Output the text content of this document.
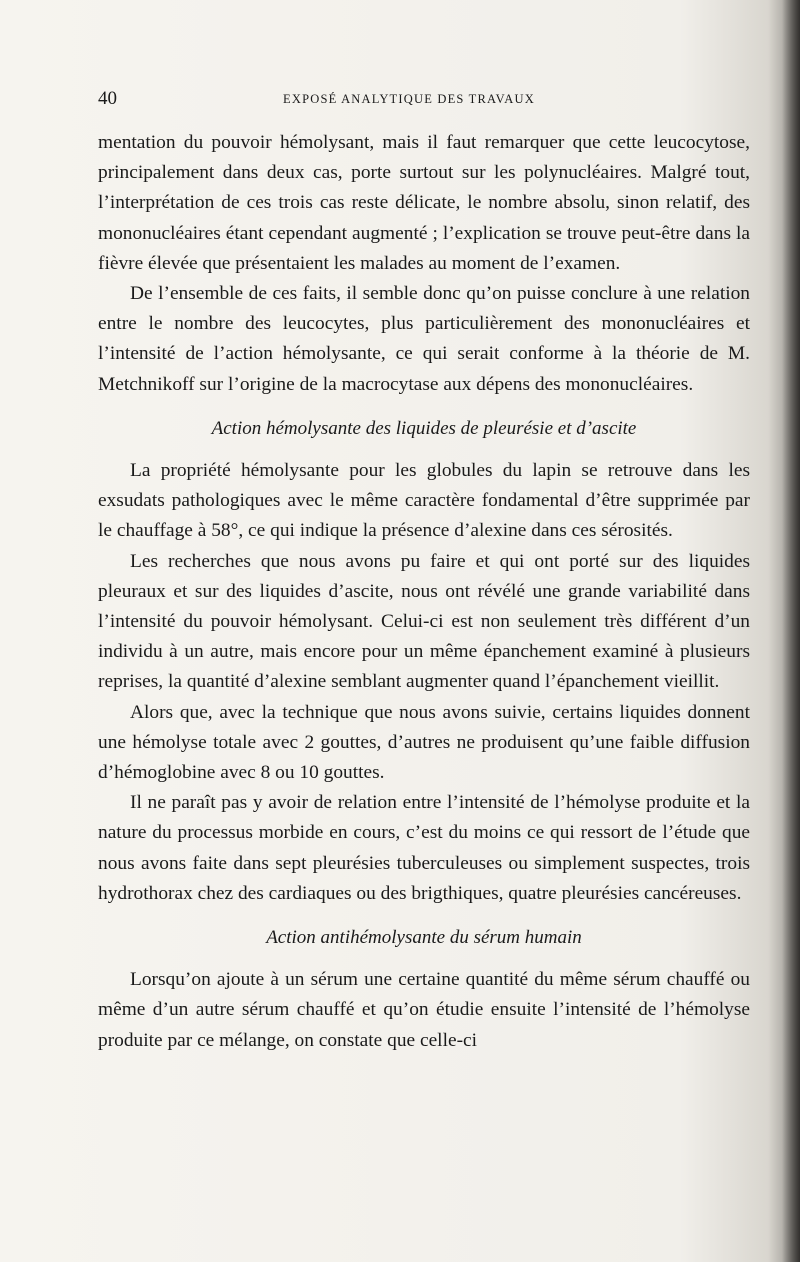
40	EXPOSÉ ANALYTIQUE DES TRAVAUX

mentation du pouvoir hémolysant, mais il faut remarquer que cette leucocytose, principalement dans deux cas, porte surtout sur les polynucléaires. Malgré tout, l’interprétation de ces trois cas reste délicate, le nombre absolu, sinon relatif, des mononucléaires étant cependant augmenté ; l’explication se trouve peut-être dans la fièvre élevée que présentaient les malades au moment de l’examen.

De l’ensemble de ces faits, il semble donc qu’on puisse conclure à une relation entre le nombre des leucocytes, plus particulièrement des mononucléaires et l’intensité de l’action hémolysante, ce qui serait conforme à la théorie de M. Metchnikoff sur l’origine de la macrocytase aux dépens des mononucléaires.

Action hémolysante des liquides de pleurésie et d’ascite

La propriété hémolysante pour les globules du lapin se retrouve dans les exsudats pathologiques avec le même caractère fondamental d’être supprimée par le chauffage à 58°, ce qui indique la présence d’alexine dans ces sérosités.

Les recherches que nous avons pu faire et qui ont porté sur des liquides pleuraux et sur des liquides d’ascite, nous ont révélé une grande variabilité dans l’intensité du pouvoir hémolysant. Celui-ci est non seulement très différent d’un individu à un autre, mais encore pour un même épanchement examiné à plusieurs reprises, la quantité d’alexine semblant augmenter quand l’épanchement vieillit.

Alors que, avec la technique que nous avons suivie, certains liquides donnent une hémolyse totale avec 2 gouttes, d’autres ne produisent qu’une faible diffusion d’hémoglobine avec 8 ou 10 gouttes.

Il ne paraît pas y avoir de relation entre l’intensité de l’hémolyse produite et la nature du processus morbide en cours, c’est du moins ce qui ressort de l’étude que nous avons faite dans sept pleurésies tuberculeuses ou simplement suspectes, trois hydrothorax chez des cardiaques ou des brigthiques, quatre pleurésies cancéreuses.

Action antihémolysante du sérum humain

Lorsqu’on ajoute à un sérum une certaine quantité du même sérum chauffé ou même d’un autre sérum chauffé et qu’on étudie ensuite l’intensité de l’hémolyse produite par ce mélange, on constate que celle-ci
